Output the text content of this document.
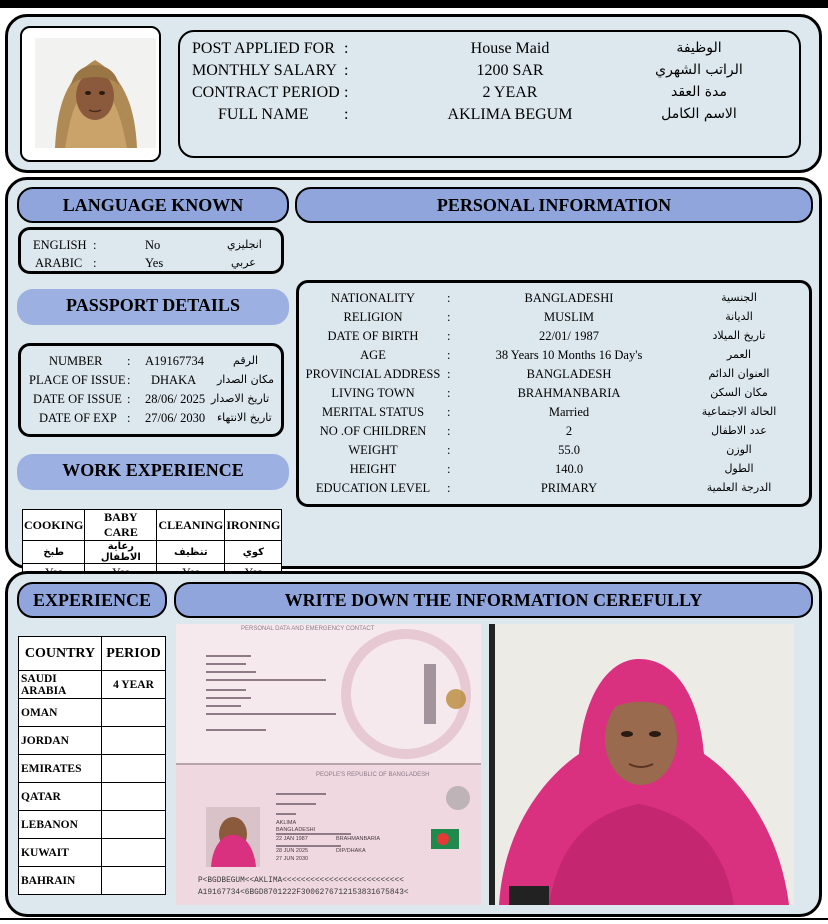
POST APPLIED FOR :	House Maid	الوظيفة
MONTHLY SALARY :	1200 SAR	الراتب الشهري
CONTRACT PERIOD :	2 YEAR	مدة العقد
FULL NAME	:	AKLIMA BEGUM	الاسم الكامل
LANGUAGE KNOWN	PERSONAL INFORMATION
ENGLISH :	No	انجليزي
ARABIC :	Yes	عربي
PASSPORT DETAILS
NUMBER : A19167734	الرقم
PLACE OF ISSUE : DHAKA مكان الصدار
DATE OF ISSUE : 28/06/ 2025 تاريخ الاصدار
DATE OF EXP : 27/06/ 2030 تاريخ الانتهاء
WORK EXPERIENCE
COOKING	BABY CARE	CLEANING	IRONING
طبخ	رعاية الاطفال	تنظيف	كوي

NATIONALITY	:	BANGLADESHI	الجنسية
RELIGION	:	MUSLIM	الديانة
DATE OF BIRTH	:	22/01/ 1987	تاريخ الميلاد
AGE	:	38 Years 10 Months 16 Day's	العمر
PROVINCIAL ADDRESS :	BANGLADESH	العنوان الدائم
LIVING TOWN	:	BRAHMANBARIA	مكان السكن
MERITAL STATUS	:	Married	الحالة الاجتماعية
NO .OF CHILDREN	:	2	عدد الاطفال
WEIGHT	:	55.0	الوزن
HEIGHT	:	140.0	الطول
EDUCATION LEVEL	:	PRIMARY	الدرجة العلمية
EXPERIENCE	WRITE DOWN THE INFORMATION CEREFULLY
COUNTRY	PERIOD
SAUDI ARABIA	4 YEAR
OMAN	
JORDAN	
EMIRATES	
QATAR	
LEBANON	
KUWAIT	
BAHRAIN	
PERSONAL DATA AND EMERGENCY CONTACT
PEOPLE'S REPUBLIC OF BANGLADESH
AKLIMA
BANGLADESHI
22 JAN 1987	BRAHMANBARIA
28 JUN 2025	DIP/DHAKA
27 JUN 2030
P<BGDBEGUM<<AKLIMA<<<<<<<<<<<<<<<<<<<<<<<<<<
A19167734<6BGD8701222F3006276712153831675843<
